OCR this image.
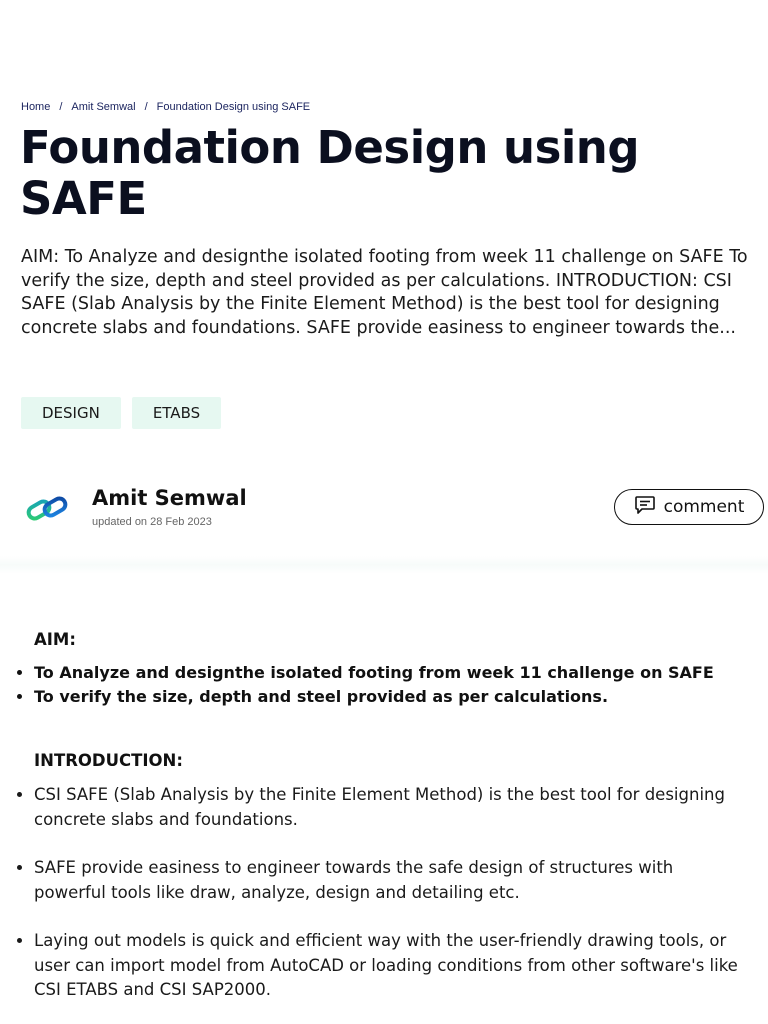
Home / Amit Semwal / Foundation Design using SAFE
Foundation Design using SAFE

AIM: To Analyze and designthe isolated footing from week 11 challenge on SAFE To verify the size, depth and steel provided as per calculations. INTRODUCTION: CSI SAFE (Slab Analysis by the Finite Element Method) is the best tool for designing concrete slabs and foundations. SAFE provide easiness to engineer towards the...

DESIGN	ETABS
Amit Semwal
updated on 28 Feb 2023
comment
AIM:
• To Analyze and designthe isolated footing from week 11 challenge on SAFE
• To verify the size, depth and steel provided as per calculations.
INTRODUCTION:
• CSI SAFE (Slab Analysis by the Finite Element Method) is the best tool for designing concrete slabs and foundations.
• SAFE provide easiness to engineer towards the safe design of structures with powerful tools like draw, analyze, design and detailing etc.
• Laying out models is quick and efficient way with the user-friendly drawing tools, or user can import model from AutoCAD or loading conditions from other software's like CSI ETABS and CSI SAP2000.
